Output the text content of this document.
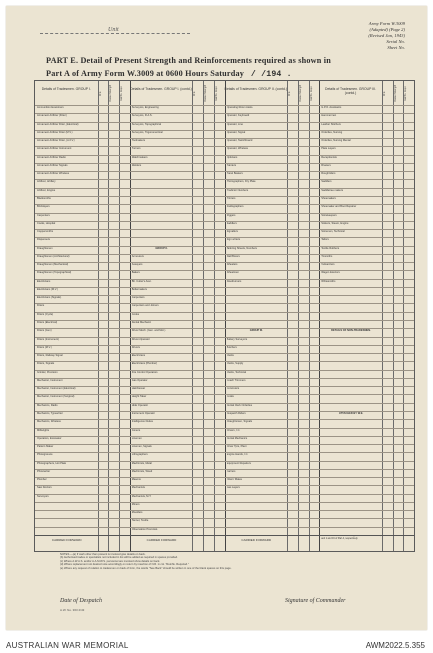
Unit
Army Form W.3009
(Adapted) (Page 2)
(Revised Jan, 1943)
Serial No.
Sheet No.
PART E. Detail of Present Strength and Reinforcements required as shown in
Part A of Army Form W.3009 at 0600 Hours Saturday / /194 .
Details of Tradesmen. GROUP I.
W.E.	Posted Strength	Reinfts. Reqd.
Ammunition Examiners
Armament Artificer (Fitter)
Armament Artificer Fitter, (Electrical)
Armament Artificer Fitter (M.V.)
Armament Artificer Fitter, (A.F.V.)
Armament Artificer Instrument
Armament Artificer Radio
Armament Artificer Signals
Armament Artificer Wireless
Artificer, Artillery
Artificer, Engine
Blacksmiths
Bricklayers
Carpenters
Cooks, Hospital
Coppersmiths
Dispensers
Draughtsmen
Draughtsmen (Architectural)
Draughtsmen (Mechanical)
Draughtsmen (Topographical)
Electricians
Electricians (M.V.)
Electricians (Signals)
Fitters
Fitters (Cycle)
Fitters (Electrical)
Fitters (Gun)
Fitters (Instrument)
Fitters (M.V.)
Fitters, Railway Signal
Fitters, Signals
Grinder, Precision
Mechanist, Instrument
Mechanist, Instrument (Electrical)
Mechanist, Instrument (Surgical)
Mechanics, Radio
Mechanics, Typewriter
Mechanics, Wireless
Millwrights
Operators, Excavator
Pattern Maker
Photogravure
Photographers, Hot Plate
Photowriter
Plumber
Saw Doctors
Surveyors
CARRIED FORWARD
Details of Tradesmen. GROUP I. (contd.)
W.E.	Posted Strength	Reinfts. Reqd.
Surveyors, Engineering
Surveyors, R.A.S.
Surveyors, Topographical
Surveyors, Trigonometrical
Toolmakers
Turners
Watchmakers
Welders
GROUP II.
Armourers
Assayers
Bakers
Blt. Cutter's Asst.
Boilermakers
Carpenters
Carpenters and Joiners
Cooks
Dental Mechanic
Driver Mech. (Gen. and Mot.)
Driver-Operator
Drivers
Electricians
Electricians (Plumber)
Fire Control Operators
Gas Operator
Hairdresser
Height Taker
Hide Operator
Instrument Operator
Intelligence Duties
Joiners
Linemen
Linemen, Signals
Lithographers
Machinists, Metal
Machinists, Wood
Masons
Mechanists
Mechanists, M.T.
Miners
Moulders
Tanner, Textile
Observation Post Asst.
CARRIED FORWARD
Details of Tradesmen. GROUP II. (contd.)
W.E.	Posted Strength	Reinfts. Reqd.
Operating Room Assts.
Operator, Keyboard
Operator, Line
Operator, Signal
Operator, Switchboard
Operator, Wireless
Opticians
Painters
Panel Beaters
Photographers, Dry Plate
Predictor Numbers
Printers
Radiographers
Riggers
Saddlers
Signallers
Sign writers
Tailoring Sheets, Numbers
Wall Borers
Wheelers
Wheelmen
Woodturners
GROUP III.
Battery Surveyors
Butchers
Clerks
Clerks, Supply
Clerks, Technical
Coach Trimmers
Concreters
Cooks
Dental Clerk Orderlies
Despatch Riders
Draughtsmen, Signals
Drivers, I.C.
Dental Mechanics
Driver Tpts, Plant
Engine Hands, I.C.
Equipment Repairers
Farriers
Fitters' Mates
Gas Layers
CARRIED FORWARD
Details of Tradesmen. GROUP III. (contd.)	W.E.	Posted Strength	Reinfts. Reqd.
G.P.O. Assistants
Hammermen
Leather Stitchers
Orderlies, Nursing
Orderlies, Nursing Mental
Plate Layers
Receptionists
Riveters
Roughriders
Saddlers
Saddletree makers
Shoemakers
Shoemaker and Boot Repairer
Storekeepers
Stokers, Steam, Engine
Storemen, Technical
Tailors
Textile Rubbers
Tinsmiths
Vulcanizers
Wagon Erectors
Whitesmiths
DETAILS OF NON-TRADESMEN.
ATTACHED BY W.E.
Totals of columns marked * to agree with columns 4 and 7, and 1 and 16 of Part A, respectively.
NOTES.—(a) If cash other than present is involved give details on back.
(b) Authorised trades or specialists not included in list will be added as required in spaces provided.
(c) Where A.W.A.S. and/or A.A.M.W.S. personnel are involved show details on back.
(d) Where replacement not desired note accordingly on return by insertion of N.R. in col. "Reinfts. Required."
(e) Where any request of relation to tradesmen on back of form, the words "See Back" should be written in one of the blank spaces on this page.
Date of Despatch	Signature of Commander
A.W. No. 363 2/43
AUSTRALIAN WAR MEMORIAL	AWM2022.5.355
